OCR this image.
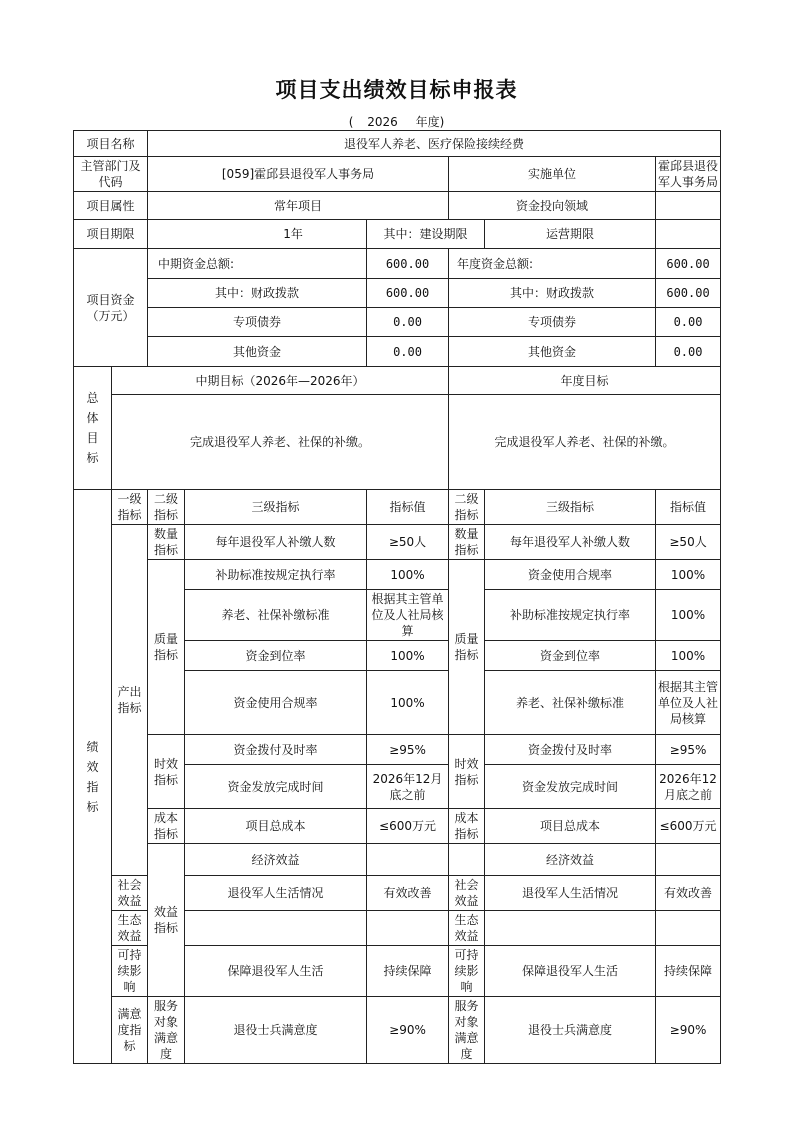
项目支出绩效目标申报表
( 2026 年度)
项目名称		退役军人养老、医疗保险接续经费						
主管部门及代码		[059]霍邱县退役军人事务局			实施单位		霍邱县退役军人事务局	
项目属性		常年项目			资金投向领域			
项目期限		1年		其中：建设期限		运营期限		
项目资金
（万元）		中期资金总额:		600.00	年度资金总额:		600.00	
		其中：财政拨款		600.00	其中：财政拨款		600.00	
		专项债券		0.00	专项债券		0.00	
		其他资金		0.00	其他资金		0.00	
总体目标	中期目标（2026年—2026年）				年度目标			
	完成退役军人养老、社保的补缴。				完成退役军人养老、社保的补缴。			
绩效指标	一级指标	二级指标	三级指标	指标值	二级指标	三级指标	指标值	
	产出指标	数量指标	每年退役军人补缴人数	≥50人	数量指标	每年退役军人补缴人数	≥50人	
		质量指标	补助标准按规定执行率	100%	质量指标	资金使用合规率	100%	
			养老、社保补缴标准	根据其主管单位及人社局核算		补助标准按规定执行率	100%	
			资金到位率	100%		资金到位率	100%	
			资金使用合规率	100%		养老、社保补缴标准	根据其主管单位及人社局核算	
		时效指标	资金拨付及时率	≥95%	时效指标	资金拨付及时率	≥95%	
			资金发放完成时间	2026年12月底之前		资金发放完成时间	2026年12月底之前	
		成本指标	项目总成本	≤600万元	成本指标	项目总成本	≤600万元	
		效益指标	经济效益			经济效益		
	社会效益		退役军人生活情况	有效改善	社会效益	退役军人生活情况	有效改善	
	生态效益				生态效益			
	可持续影响		保障退役军人生活	持续保障	可持续影响	保障退役军人生活	持续保障	
	满意度指标	服务对象满意度	退役士兵满意度	≥90%	服务对象满意度	退役士兵满意度	≥90%	
